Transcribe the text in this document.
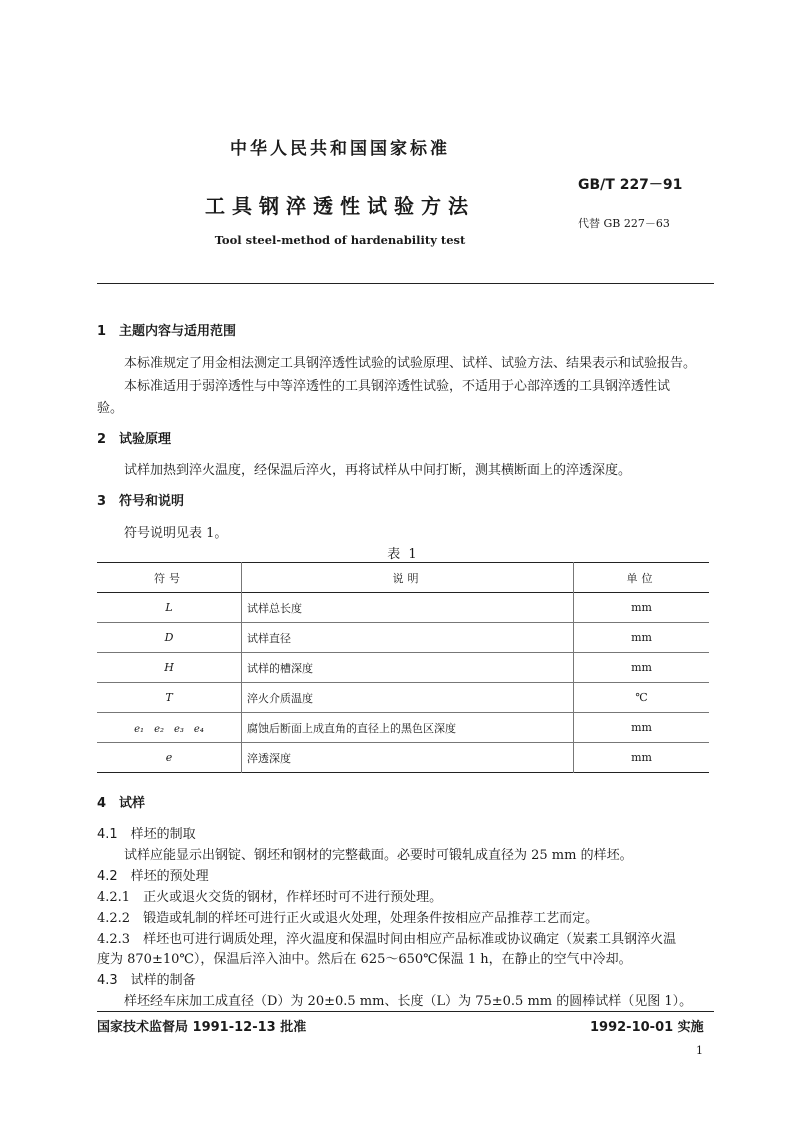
中华人民共和国国家标准
GB/T 227－91
工具钢淬透性试验方法
代替 GB 227－63
Tool steel-method of hardenability test
1　主题内容与适用范围
本标准规定了用金相法测定工具钢淬透性试验的试验原理、试样、试验方法、结果表示和试验报告。
本标准适用于弱淬透性与中等淬透性的工具钢淬透性试验，不适用于心部淬透的工具钢淬透性试
验。
2　试验原理
试样加热到淬火温度，经保温后淬火，再将试样从中间打断，测其横断面上的淬透深度。
3　符号和说明
符号说明见表 1。
表 1
符号	说明	单位
L	试样总长度	mm
D	试样直径	mm
H	试样的槽深度	mm
T	淬火介质温度	℃
e₁　e₂　e₃　e₄	腐蚀后断面上成直角的直径上的黑色区深度	mm
e	淬透深度	mm
4　试样
4.1　样坯的制取
试样应能显示出钢锭、钢坯和钢材的完整截面。必要时可锻轧成直径为 25 mm 的样坯。
4.2　样坯的预处理
4.2.1　正火或退火交货的钢材，作样坯时可不进行预处理。
4.2.2　锻造或轧制的样坯可进行正火或退火处理，处理条件按相应产品推荐工艺而定。
4.2.3　样坯也可进行调质处理，淬火温度和保温时间由相应产品标准或协议确定（炭素工具钢淬火温
度为 870±10℃），保温后淬入油中。然后在 625～650℃保温 1 h，在静止的空气中冷却。
4.3　试样的制备
样坯经车床加工成直径（D）为 20±0.5 mm、长度（L）为 75±0.5 mm 的圆棒试样（见图 1）。
国家技术监督局 1991-12-13 批准	1992-10-01 实施
1
